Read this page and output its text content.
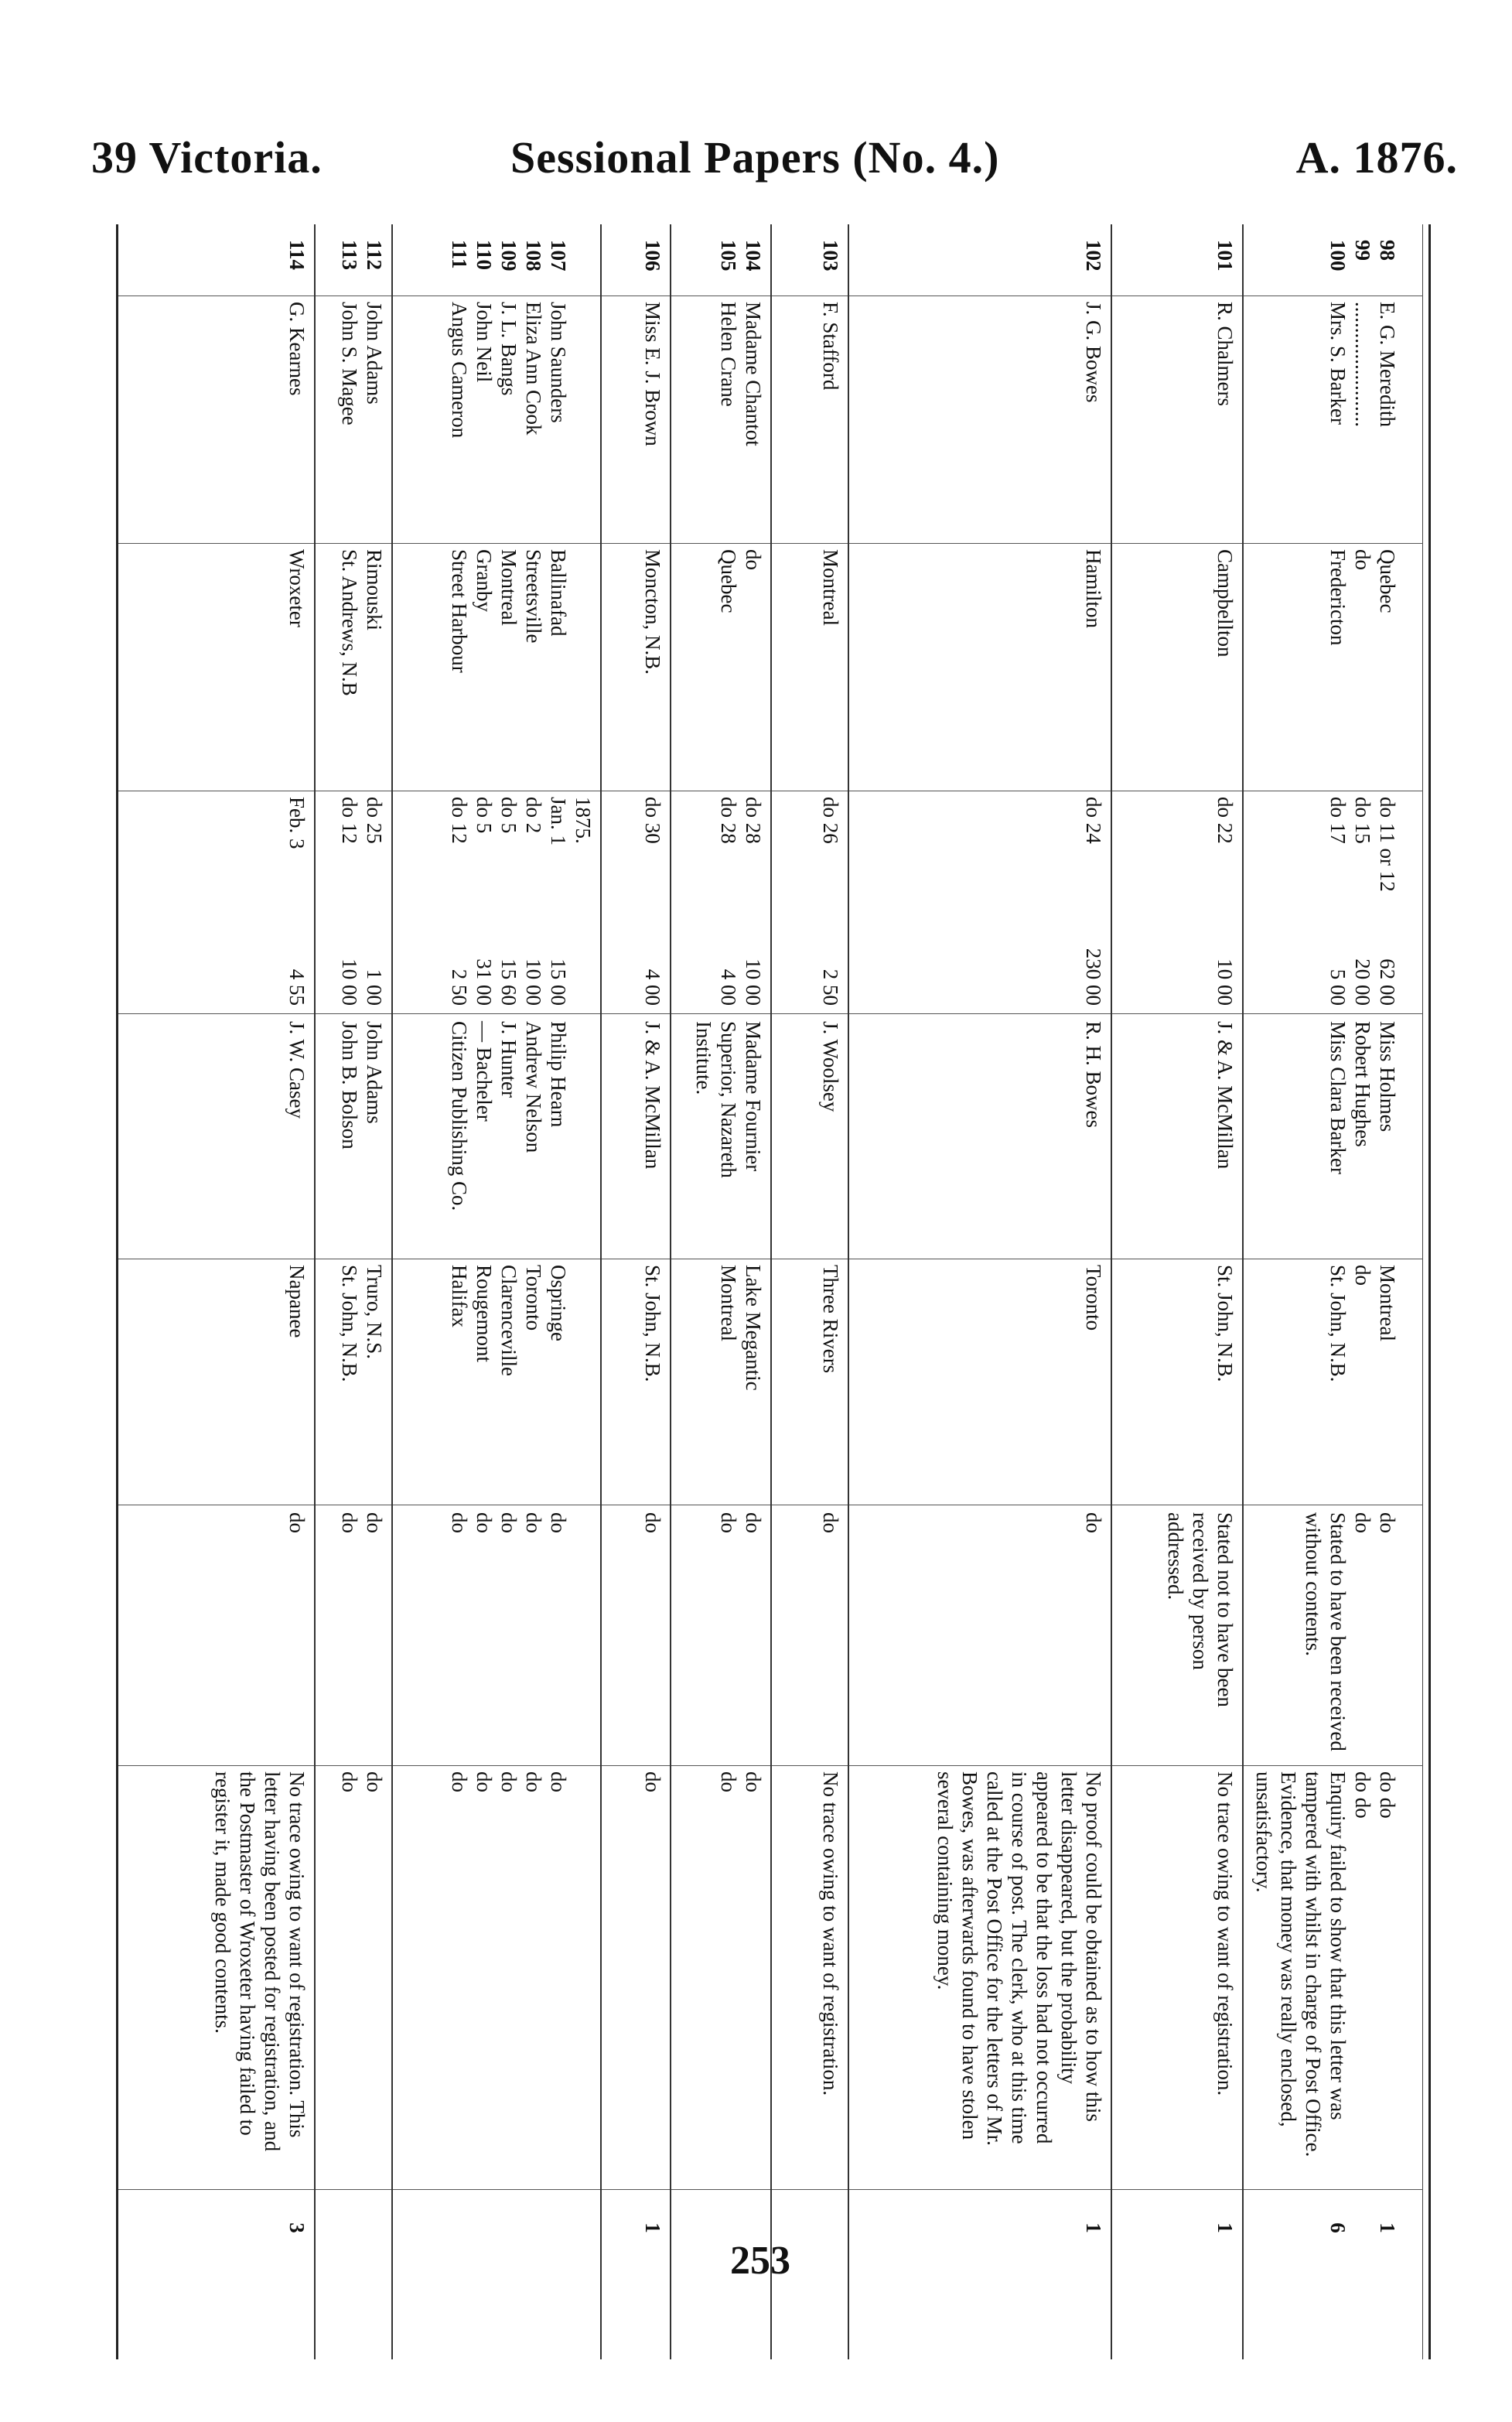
39 Victoria.	Sessional Papers (No. 4.)	A. 1876.
98
99
100
E. G. Meredith
........................
Mrs. S. Barker
Quebec
do
Fredericton
do 11 or 12
do 15
do 17
62 00
20 00
5 00
Miss Holmes
Robert Hughes
Miss Clara Barker
Montreal
do
St. John, N.B.
do
do
Stated to have been received without contents.
do do
do do
Enquiry failed to show that this letter was tampered with whilst in charge of Post Office. Evidence, that money was really enclosed, unsatisfactory.
1

6
101
R. Chalmers
Campbellton
do 22
10 00
J. & A. McMillan
St. John, N.B.
Stated not to have been received by person addressed.
No trace owing to want of registration.
1
102
J. G. Bowes
Hamilton
do 24
230 00
R. H. Bowes
Toronto
do
No proof could be obtained as to how this letter disappeared, but the probability appeared to be that the loss had not occurred in course of post. The clerk, who at this time called at the Post Office for the letters of Mr. Bowes, was afterwards found to have stolen several containing money.
1
103
F. Stafford
Montreal
do 26
2 50
J. Woolsey
Three Rivers
do
No trace owing to want of registration.
104
105
Madame Chantot
Helen Crane
do
Quebec
do 28
do 28
10 00
4 00
Madame Fournier
Superior, Nazareth Institute.
Lake Megantic
Montreal
do
do
do
do
106
Miss E. J. Brown
Moncton, N.B.
do 30
4 00
J. & A. McMillan
St. John, N.B.
do
do
1
107
108
109
110
111
John Saunders
Eliza Ann Cook
J. L. Bangs
John Neil
Angus Cameron
Ballinafad
Streetsville
Montreal
Granby
Street Harbour
1875.
Jan. 1
do 2
do 5
do 5
do 12
15 00
10 00
15 60
31 00
2 50
Philip Hearn
Andrew Nelson
J. Hunter
— Bacheler
Citizen Publishing Co.
Ospringe
Toronto
Clarenceville
Rougemont
Halifax
do
do
do
do
do
do
do
do
do
do
112
113
John Adams
John S. Magee
Rimouski
St. Andrews, N.B
do 25
do 12
1 00
10 00
John Adams
John B. Bolson
Truro, N.S.
St. John, N.B.
do
do
do
do
114
G. Kearnes
Wroxeter
Feb. 3
4 55
J. W. Casey
Napanee
do
No trace owing to want of registration. This letter having been posted for registration, and the Postmaster of Wroxeter having failed to register it, made good contents.
3
253
